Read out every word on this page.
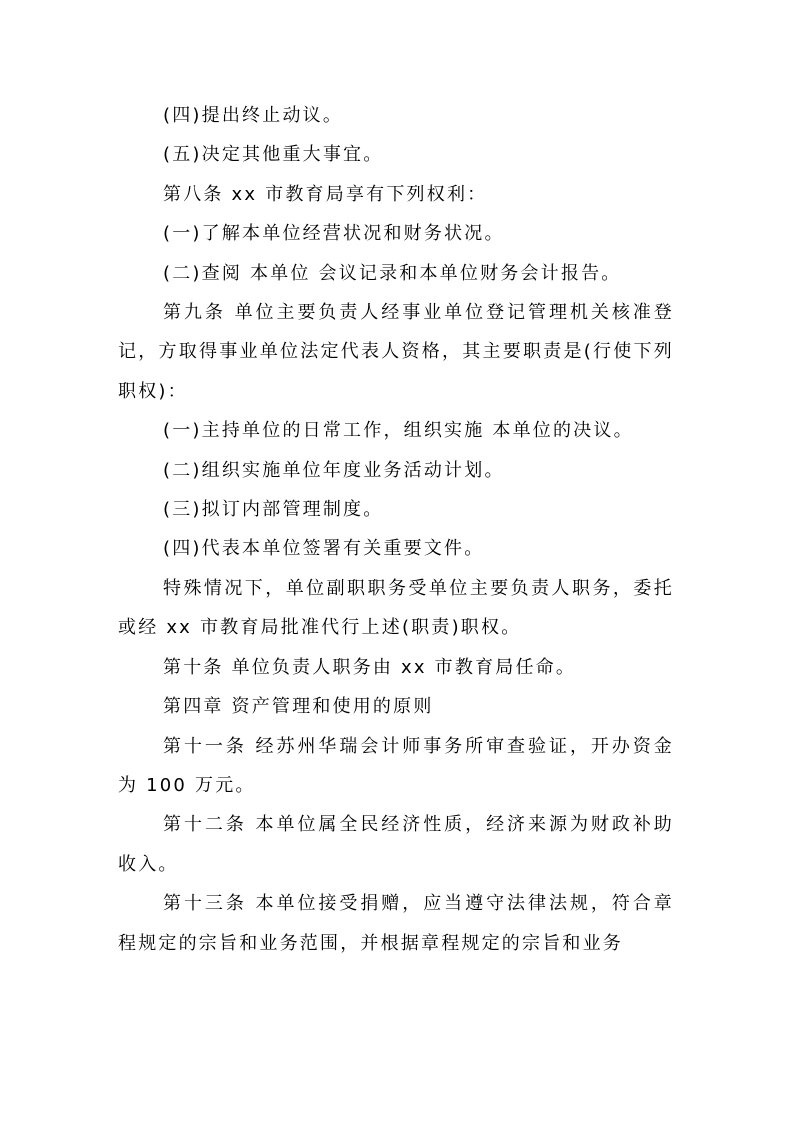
(四)提出终止动议。

(五)决定其他重大事宜。

第八条 xx 市教育局享有下列权利：

(一)了解本单位经营状况和财务状况。

(二)查阅 本单位 会议记录和本单位财务会计报告。

第九条 单位主要负责人经事业单位登记管理机关核准登记，方取得事业单位法定代表人资格，其主要职责是(行使下列职权)：

(一)主持单位的日常工作，组织实施 本单位的决议。

(二)组织实施单位年度业务活动计划。

(三)拟订内部管理制度。

(四)代表本单位签署有关重要文件。

特殊情况下，单位副职职务受单位主要负责人职务，委托或经 xx 市教育局批准代行上述(职责)职权。

第十条 单位负责人职务由 xx 市教育局任命。

第四章 资产管理和使用的原则

第十一条 经苏州华瑞会计师事务所审查验证，开办资金为 100 万元。

第十二条 本单位属全民经济性质，经济来源为财政补助收入。

第十三条 本单位接受捐赠，应当遵守法律法规，符合章程规定的宗旨和业务范围，并根据章程规定的宗旨和业务
